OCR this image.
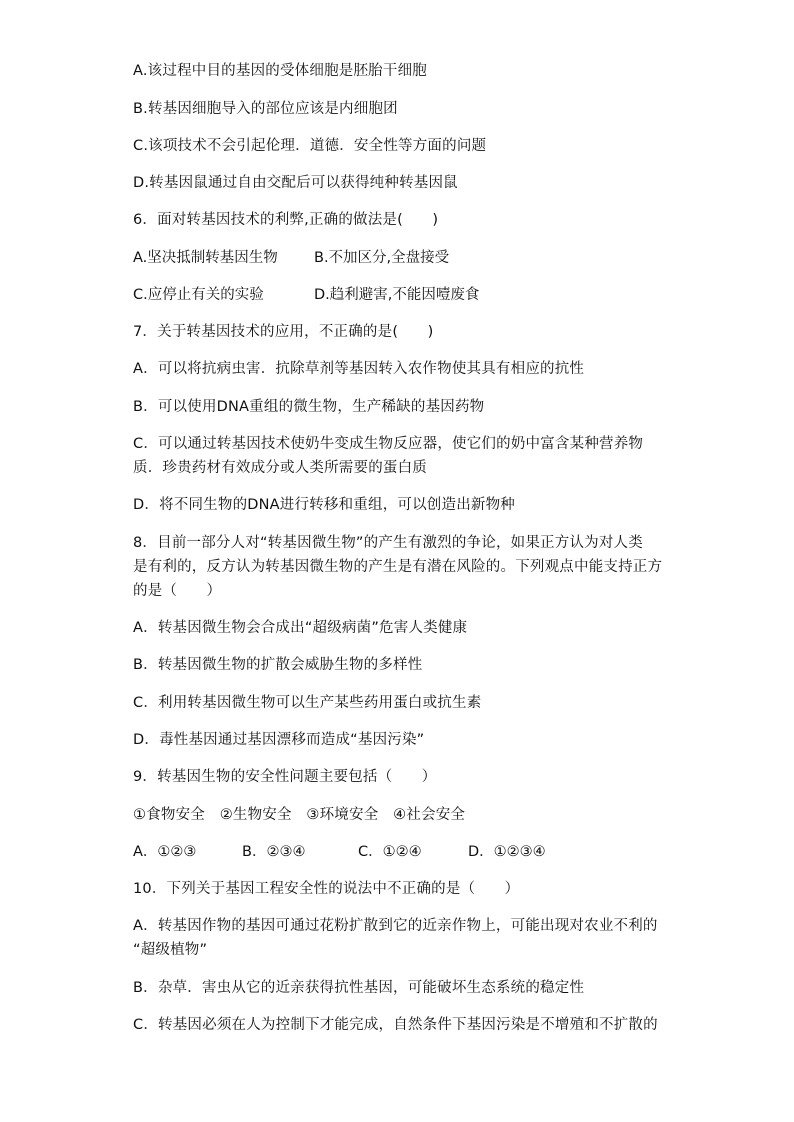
A.该过程中目的基因的受体细胞是胚胎干细胞
B.转基因细胞导入的部位应该是内细胞团
C.该项技术不会引起伦理．道德．安全性等方面的问题
D.转基因鼠通过自由交配后可以获得纯种转基因鼠
6．面对转基因技术的利弊,正确的做法是(　　)
A.坚决抵制转基因生物 B.不加区分,全盘接受
C.应停止有关的实验	D.趋利避害,不能因噎废食
7．关于转基因技术的应用，不正确的是(　　)
A．可以将抗病虫害．抗除草剂等基因转入农作物使其具有相应的抗性
B．可以使用DNA重组的微生物，生产稀缺的基因药物
C．可以通过转基因技术使奶牛变成生物反应器，使它们的奶中富含某种营养物
质．珍贵药材有效成分或人类所需要的蛋白质
D．将不同生物的DNA进行转移和重组，可以创造出新物种
8．目前一部分人对“转基因微生物”的产生有激烈的争论，如果正方认为对人类
是有利的，反方认为转基因微生物的产生是有潜在风险的。下列观点中能支持正方
的是（　　）
A．转基因微生物会合成出“超级病菌”危害人类健康
B．转基因微生物的扩散会威胁生物的多样性
C．利用转基因微生物可以生产某些药用蛋白或抗生素
D．毒性基因通过基因漂移而造成“基因污染”
9．转基因生物的安全性问题主要包括（　　）
①食物安全　②生物安全　③环境安全　④社会安全
A．①②③	B．②③④	C．①②④	D．①②③④
10．下列关于基因工程安全性的说法中不正确的是（　　）
A．转基因作物的基因可通过花粉扩散到它的近亲作物上，可能出现对农业不利的
“超级植物”
B．杂草．害虫从它的近亲获得抗性基因，可能破坏生态系统的稳定性
C．转基因必须在人为控制下才能完成，自然条件下基因污染是不增殖和不扩散的
